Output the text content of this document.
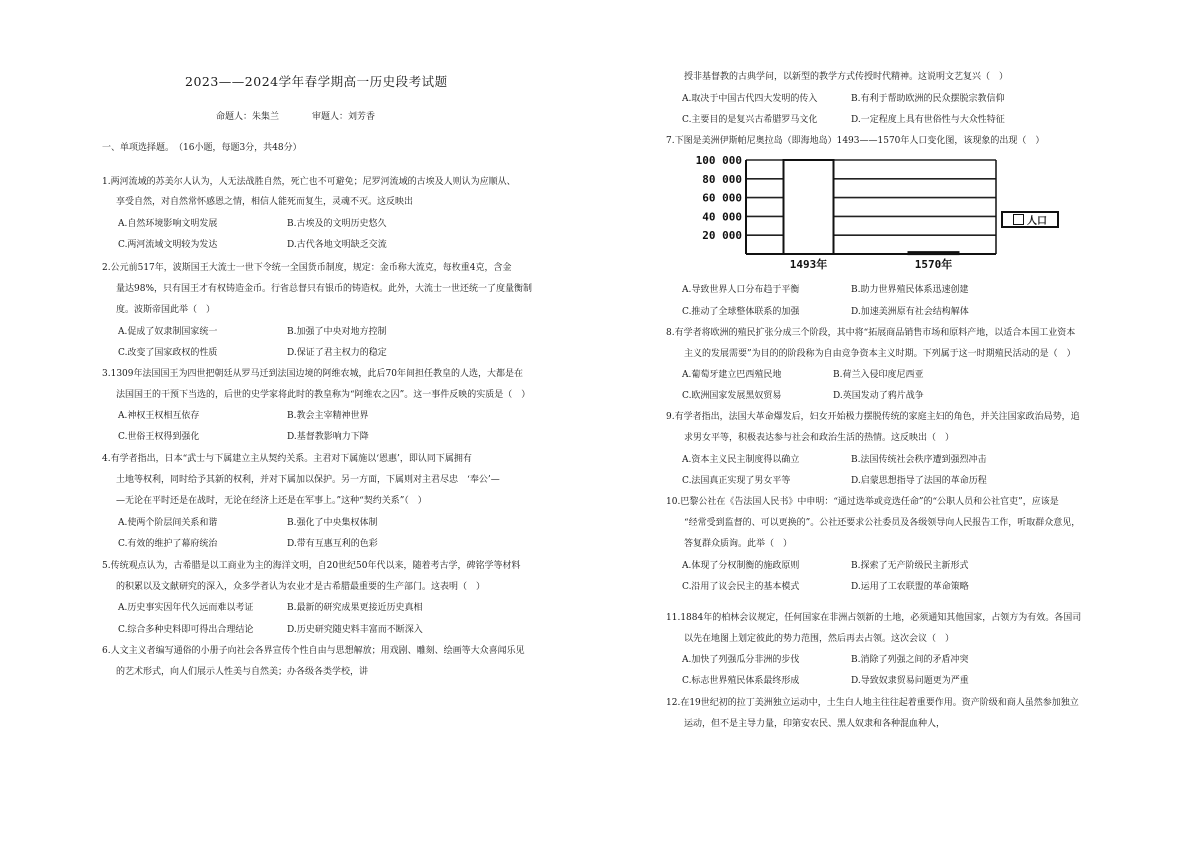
2023——2024学年春学期高一历史段考试题
命题人：朱集兰	审题人：刘芳香
一、单项选择题。　（16小题，每题3分，共48分）
1.两河流域的苏美尔人认为，人无法战胜自然，死亡也不可避免；尼罗河流域的古埃及人则认为应顺从、
享受自然，对自然常怀感恩之情，相信人能死而复生，灵魂不灭。这反映出
A.自然环境影响文明发展	B.古埃及的文明历史悠久
C.两河流域文明较为发达	D.古代各地文明缺乏交流
2.公元前517年，波斯国王大流士一世下令统一全国货币制度，规定：金币称大流克，每枚重4克，含金
量达98%，只有国王才有权铸造金币。行省总督只有银币的铸造权。此外，大流士一世还统一了度量衡制
度。波斯帝国此举（　）
A.促成了奴隶制国家统一	B.加强了中央对地方控制
C.改变了国家政权的性质	D.保证了君主权力的稳定
3.1309年法国国王为四世把朝廷从罗马迁到法国边境的阿维农城，此后70年间担任教皇的人选，大都是在
法国国王的干预下当选的，后世的史学家将此时的教皇称为“阿维农之囚”。这一事件反映的实质是（　）
A.神权王权相互依存	B.教会主宰精神世界
C.世俗王权得到强化	D.基督教影响力下降
4.有学者指出，日本“武士与下属建立主从契约关系。主君对下属施以‘恩惠’，即认同下属拥有
土地等权利，同时给予其新的权利，并对下属加以保护。另一方面，下属则对主君尽忠　‘奉公’—
—无论在平时还是在战时，无论在经济上还是在军事上。”这种“契约关系”（　）
A.使两个阶层间关系和谐	B.强化了中央集权体制
C.有效的维护了幕府统治	D.带有互惠互利的色彩
5.传统观点认为，古希腊是以工商业为主的海洋文明，自20世纪50年代以来，随着考古学，碑铭学等材料
的积累以及文献研究的深入，众多学者认为农业才是古希腊最重要的生产部门。这表明（　）
A.历史事实因年代久远而难以考证	B.最新的研究成果更接近历史真相
C.综合多种史料即可得出合理结论	D.历史研究随史料丰富而不断深入
6.人文主义者编写通俗的小册子向社会各界宣传个性自由与思想解放；用戏剧、雕刻、绘画等大众喜闻乐见
的艺术形式，向人们展示人性美与自然美；办各级各类学校，讲
授非基督教的古典学问，以新型的教学方式传授时代精神。这说明文艺复兴（　）
A.取决于中国古代四大发明的传入	B.有利于帮助欧洲的民众摆脱宗教信仰
C.主要目的是复兴古希腊罗马文化	D.一定程度上具有世俗性与大众性特征
7.下图是美洲伊斯帕尼奥拉岛（即海地岛）1493——1570年人口变化图，该现象的出现（　）
100 000
80 000
60 000
40 000
20 000
1493年	1570年
人口
A.导致世界人口分布趋于平衡	B.助力世界殖民体系迅速创建
C.推动了全球整体联系的加强	D.加速美洲原有社会结构解体
8.有学者将欧洲的殖民扩张分成三个阶段，其中将“拓展商品销售市场和原料产地，以适合本国工业资本
主义的发展需要”为目的的阶段称为自由竞争资本主义时期。下列属于这一时期殖民活动的是（　）
A.葡萄牙建立巴西殖民地	B.荷兰入侵印度尼西亚
C.欧洲国家发展黑奴贸易	D.英国发动了鸦片战争
9.有学者指出，法国大革命爆发后，妇女开始极力摆脱传统的家庭主妇的角色，并关注国家政治局势，追
求男女平等，积极表达参与社会和政治生活的热情。这反映出（　）
A.资本主义民主制度得以确立	B.法国传统社会秩序遭到强烈冲击
C.法国真正实现了男女平等	D.启蒙思想指导了法国的革命历程
10.巴黎公社在《告法国人民书》中申明：“通过选举或竞选任命”的“公职人员和公社官吏”，应该是
“经常受到监督的、可以更换的”。公社还要求公社委员及各级领导向人民报告工作，听取群众意见，
答复群众质询。此举（　）
A.体现了分权制衡的施政原则	B.探索了无产阶级民主新形式
C.沿用了议会民主的基本模式	D.运用了工农联盟的革命策略
11.1884年的柏林会议规定，任何国家在非洲占领新的土地，必须通知其他国家，占领方为有效。各国司
以先在地图上划定彼此的势力范围，然后再去占领。这次会议（　）
A.加快了列强瓜分非洲的步伐	B.消除了列强之间的矛盾冲突
C.标志世界殖民体系最终形成	D.导致奴隶贸易问题更为严重
12.在19世纪初的拉丁美洲独立运动中，土生白人地主往往起着重要作用。资产阶级和商人虽然参加独立
运动，但不是主导力量，印第安农民、黑人奴隶和各种混血种人，
